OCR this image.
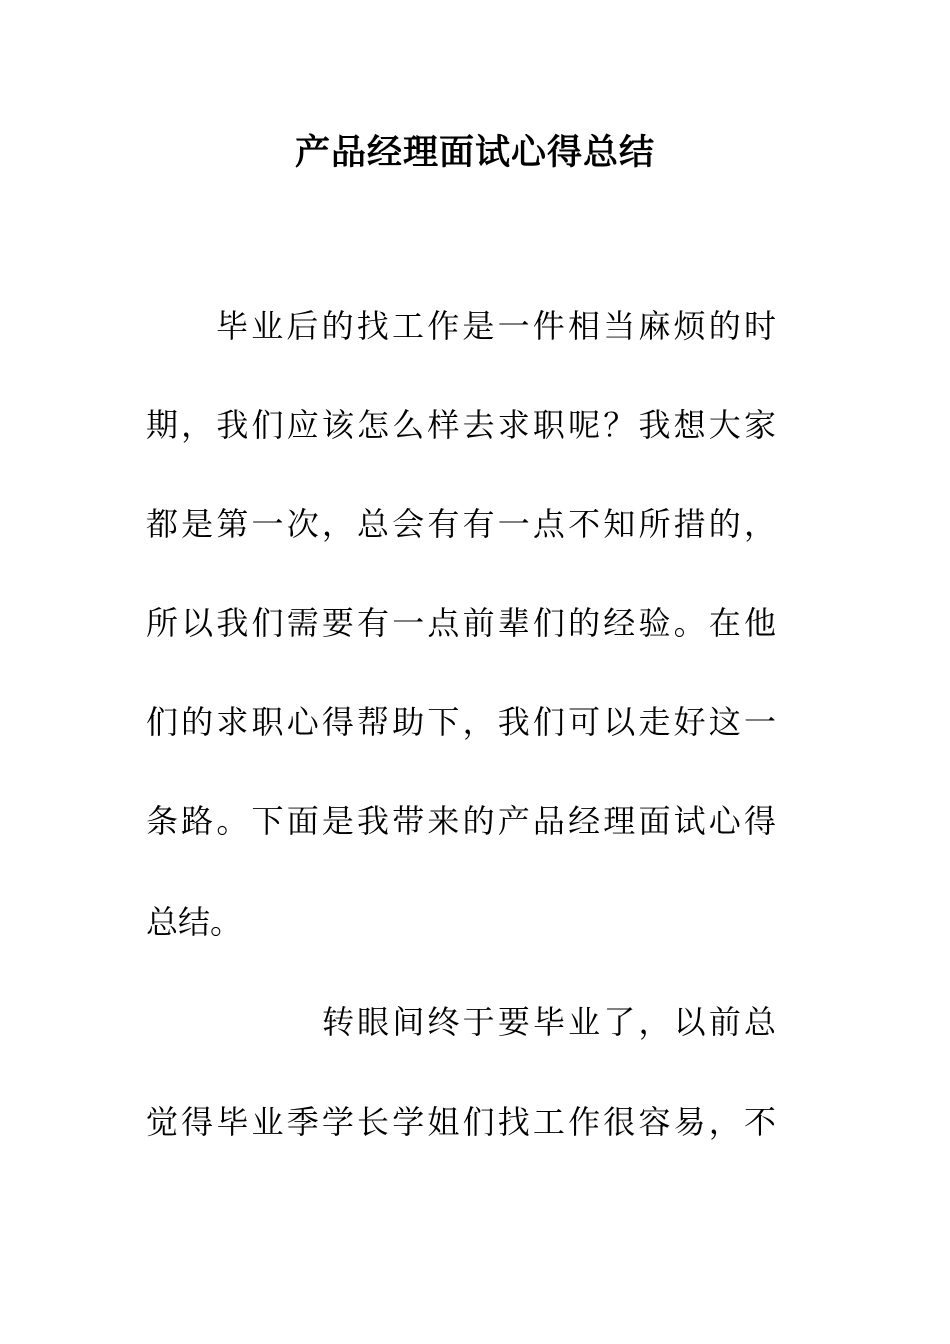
产品经理面试心得总结
毕业后的找工作是一件相当麻烦的时
期，我们应该怎么样去求职呢？我想大家
都是第一次，总会有有一点不知所措的，
所以我们需要有一点前辈们的经验。在他
们的求职心得帮助下，我们可以走好这一
条路。下面是我带来的产品经理面试心得
总结。
转眼间终于要毕业了，以前总
觉得毕业季学长学姐们找工作很容易，不
